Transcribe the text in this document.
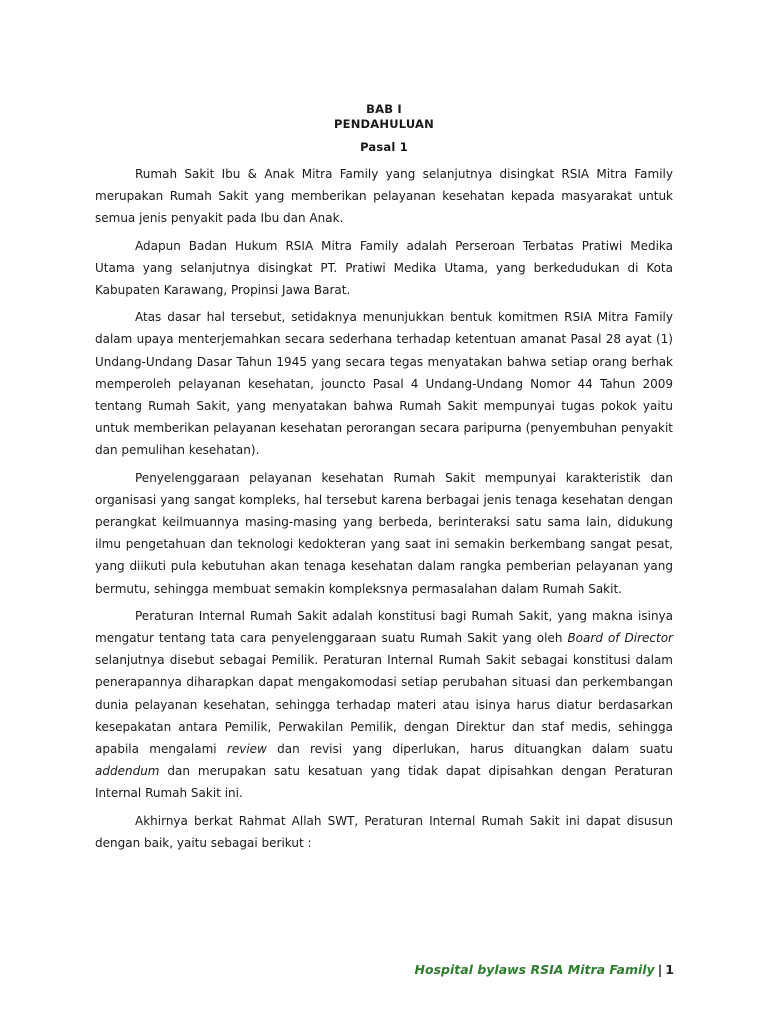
BAB I
PENDAHULUAN
Pasal 1

Rumah Sakit Ibu & Anak Mitra Family yang selanjutnya disingkat RSIA Mitra Family merupakan Rumah Sakit yang memberikan pelayanan kesehatan kepada masyarakat untuk semua jenis penyakit pada Ibu dan Anak.

Adapun Badan Hukum RSIA Mitra Family adalah Perseroan Terbatas Pratiwi Medika Utama yang selanjutnya disingkat PT. Pratiwi Medika Utama, yang berkedudukan di Kota Kabupaten Karawang, Propinsi Jawa Barat.

Atas dasar hal tersebut, setidaknya menunjukkan bentuk komitmen RSIA Mitra Family dalam upaya menterjemahkan secara sederhana terhadap ketentuan amanat Pasal 28 ayat (1) Undang-Undang Dasar Tahun 1945 yang secara tegas menyatakan bahwa setiap orang berhak memperoleh pelayanan kesehatan, jouncto Pasal 4 Undang-Undang Nomor 44 Tahun 2009 tentang Rumah Sakit, yang menyatakan bahwa Rumah Sakit mempunyai tugas pokok yaitu untuk memberikan pelayanan kesehatan perorangan secara paripurna (penyembuhan penyakit dan pemulihan kesehatan).

Penyelenggaraan pelayanan kesehatan Rumah Sakit mempunyai karakteristik dan organisasi yang sangat kompleks, hal tersebut karena berbagai jenis tenaga kesehatan dengan perangkat keilmuannya masing-masing yang berbeda, berinteraksi satu sama lain, didukung ilmu pengetahuan dan teknologi kedokteran yang saat ini semakin berkembang sangat pesat, yang diikuti pula kebutuhan akan tenaga kesehatan dalam rangka pemberian pelayanan yang bermutu, sehingga membuat semakin kompleksnya permasalahan dalam Rumah Sakit.

Peraturan Internal Rumah Sakit adalah konstitusi bagi Rumah Sakit, yang makna isinya mengatur tentang tata cara penyelenggaraan suatu Rumah Sakit yang oleh Board of Director selanjutnya disebut sebagai Pemilik. Peraturan Internal Rumah Sakit sebagai konstitusi dalam penerapannya diharapkan dapat mengakomodasi setiap perubahan situasi dan perkembangan dunia pelayanan kesehatan, sehingga terhadap materi atau isinya harus diatur berdasarkan kesepakatan antara Pemilik, Perwakilan Pemilik, dengan Direktur dan staf medis, sehingga apabila mengalami review dan revisi yang diperlukan, harus dituangkan dalam suatu addendum dan merupakan satu kesatuan yang tidak dapat dipisahkan dengan Peraturan Internal Rumah Sakit ini.

Akhirnya berkat Rahmat Allah SWT, Peraturan Internal Rumah Sakit ini dapat disusun dengan baik, yaitu sebagai berikut :

Hospital bylaws RSIA Mitra Family | 1
